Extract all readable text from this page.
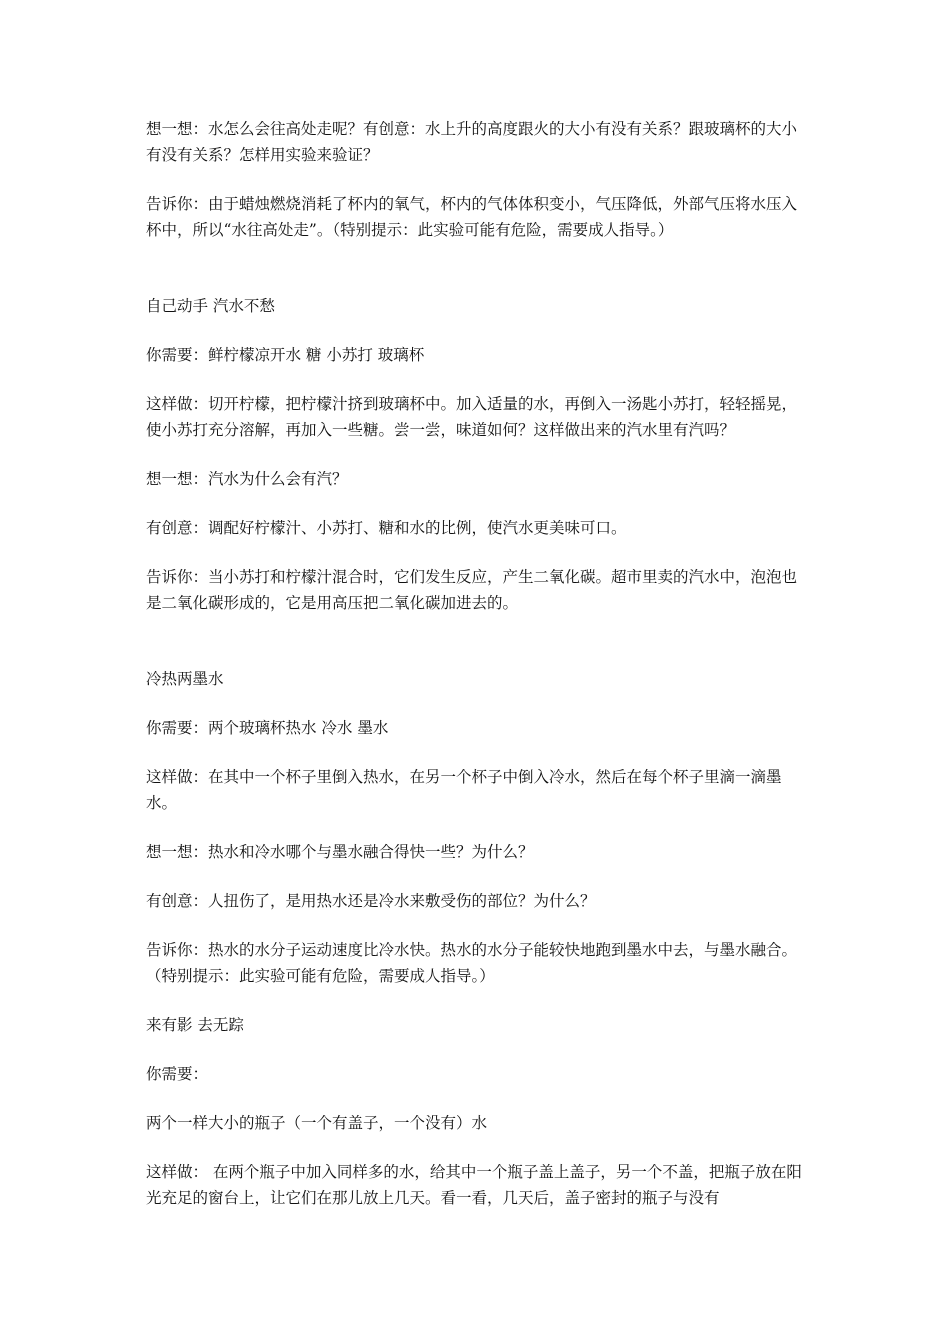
想一想：水怎么会往高处走呢？有创意：水上升的高度跟火的大小有没有关系？跟玻璃杯的大小有没有关系？怎样用实验来验证？

告诉你：由于蜡烛燃烧消耗了杯内的氧气，杯内的气体体积变小，气压降低，外部气压将水压入杯中，所以“水往高处走”。（特别提示：此实验可能有危险，需要成人指导。）

自己动手 汽水不愁

你需要：鲜柠檬凉开水 糖 小苏打 玻璃杯

这样做：切开柠檬，把柠檬汁挤到玻璃杯中。加入适量的水，再倒入一汤匙小苏打，轻轻摇晃，使小苏打充分溶解，再加入一些糖。尝一尝，味道如何？这样做出来的汽水里有汽吗？

想一想：汽水为什么会有汽？

有创意：调配好柠檬汁、小苏打、糖和水的比例，使汽水更美味可口。

告诉你：当小苏打和柠檬汁混合时，它们发生反应，产生二氧化碳。超市里卖的汽水中，泡泡也是二氧化碳形成的，它是用高压把二氧化碳加进去的。

冷热两墨水

你需要：两个玻璃杯热水 冷水 墨水

这样做：在其中一个杯子里倒入热水，在另一个杯子中倒入冷水，然后在每个杯子里滴一滴墨水。

想一想：热水和冷水哪个与墨水融合得快一些？为什么？

有创意：人扭伤了，是用热水还是冷水来敷受伤的部位？为什么？

告诉你：热水的水分子运动速度比冷水快。热水的水分子能较快地跑到墨水中去，与墨水融合。（特别提示：此实验可能有危险，需要成人指导。）

来有影 去无踪

你需要：

两个一样大小的瓶子（一个有盖子，一个没有）水

这样做： 在两个瓶子中加入同样多的水，给其中一个瓶子盖上盖子，另一个不盖，把瓶子放在阳光充足的窗台上，让它们在那儿放上几天。看一看，几天后，盖子密封的瓶子与没有
